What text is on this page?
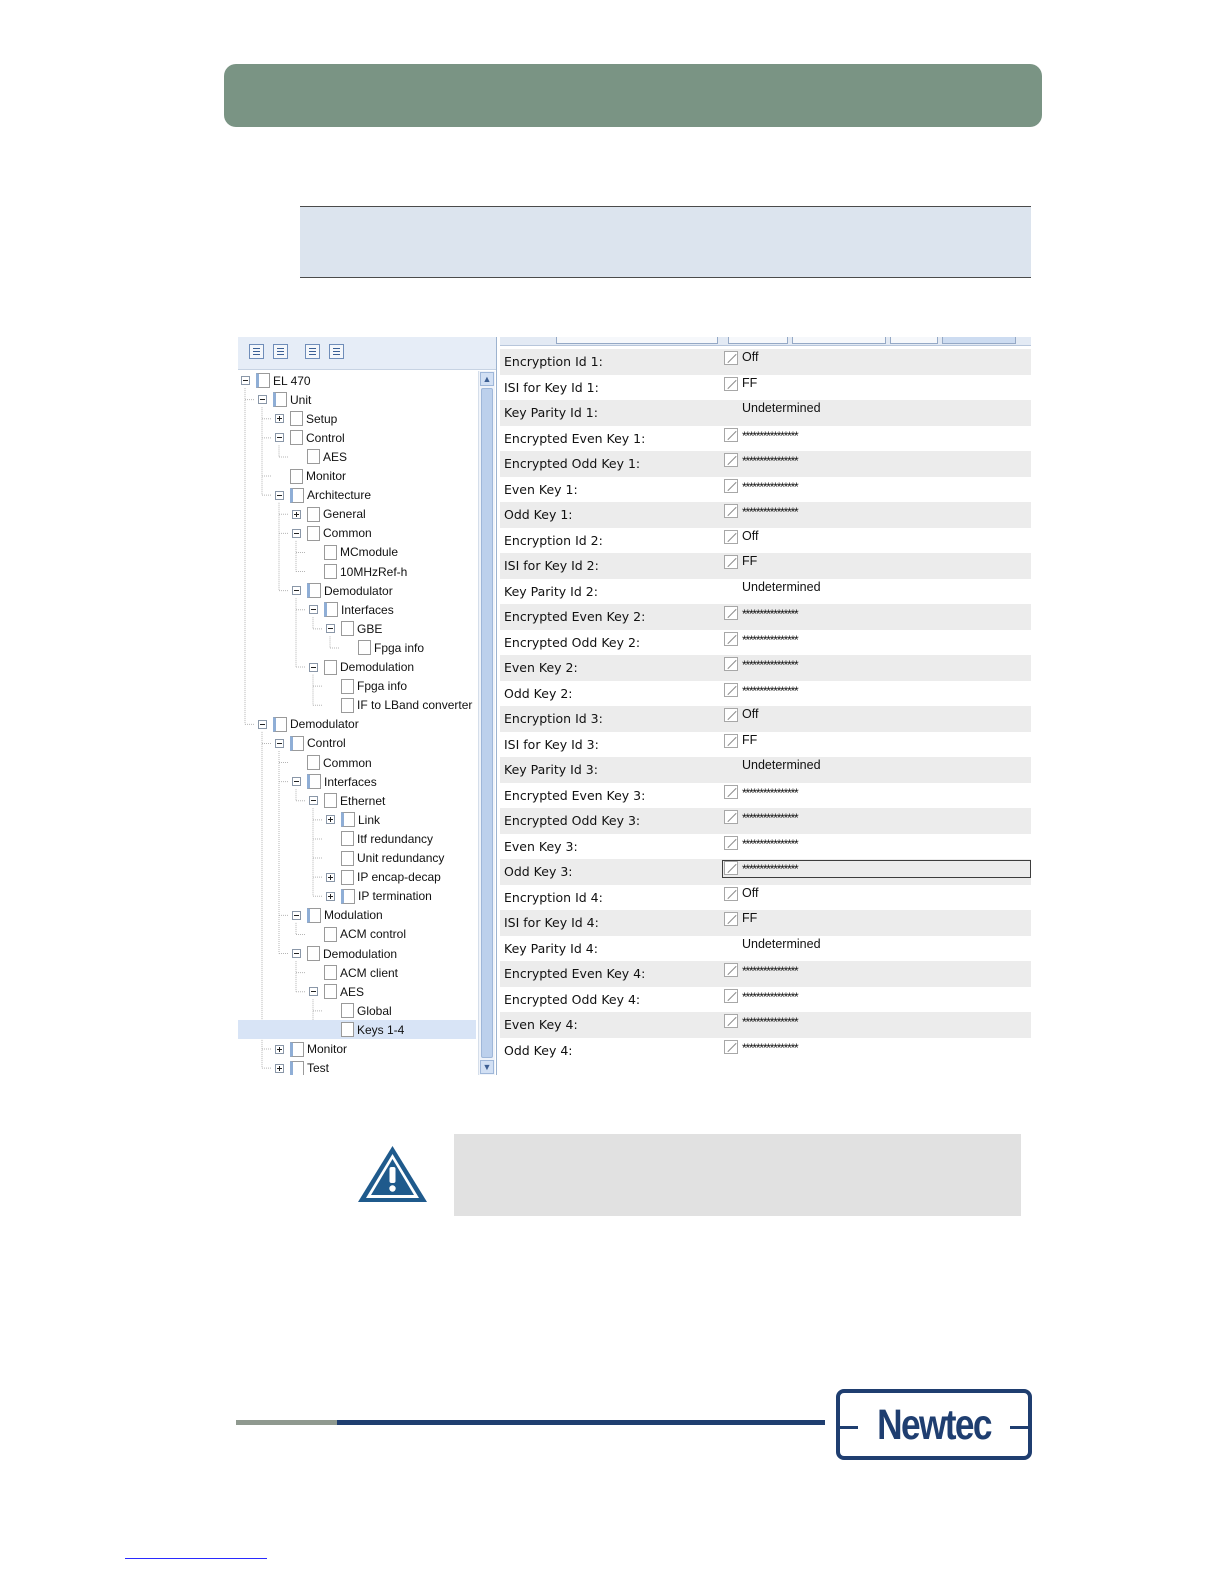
EL 470
Unit
Setup
Control
AES
Monitor
Architecture
General
Common
MCmodule
10MHzRef-h
Demodulator
Interfaces
GBE
Fpga info
Demodulation
Fpga info
IF to LBand converter
Demodulator
Control
Common
Interfaces
Ethernet
Link
Itf redundancy
Unit redundancy
IP encap-decap
IP termination
Modulation
ACM control
Demodulation
ACM client
AES
Global
Keys 1-4
Monitor
Test
▲
▼
Encryption Id 1:	Off
ISI for Key Id 1:	FF
Key Parity Id 1:	Undetermined
Encrypted Even Key 1:	****************
Encrypted Odd Key 1:	****************
Even Key 1:	****************
Odd Key 1:	****************
Encryption Id 2:	Off
ISI for Key Id 2:	FF
Key Parity Id 2:	Undetermined
Encrypted Even Key 2:	****************
Encrypted Odd Key 2:	****************
Even Key 2:	****************
Odd Key 2:	****************
Encryption Id 3:	Off
ISI for Key Id 3:	FF
Key Parity Id 3:	Undetermined
Encrypted Even Key 3:	****************
Encrypted Odd Key 3:	****************
Even Key 3:	****************
Odd Key 3:	****************
Encryption Id 4:	Off
ISI for Key Id 4:	FF
Key Parity Id 4:	Undetermined
Encrypted Even Key 4:	****************
Encrypted Odd Key 4:	****************
Even Key 4:	****************
Odd Key 4:	****************
Newtec
